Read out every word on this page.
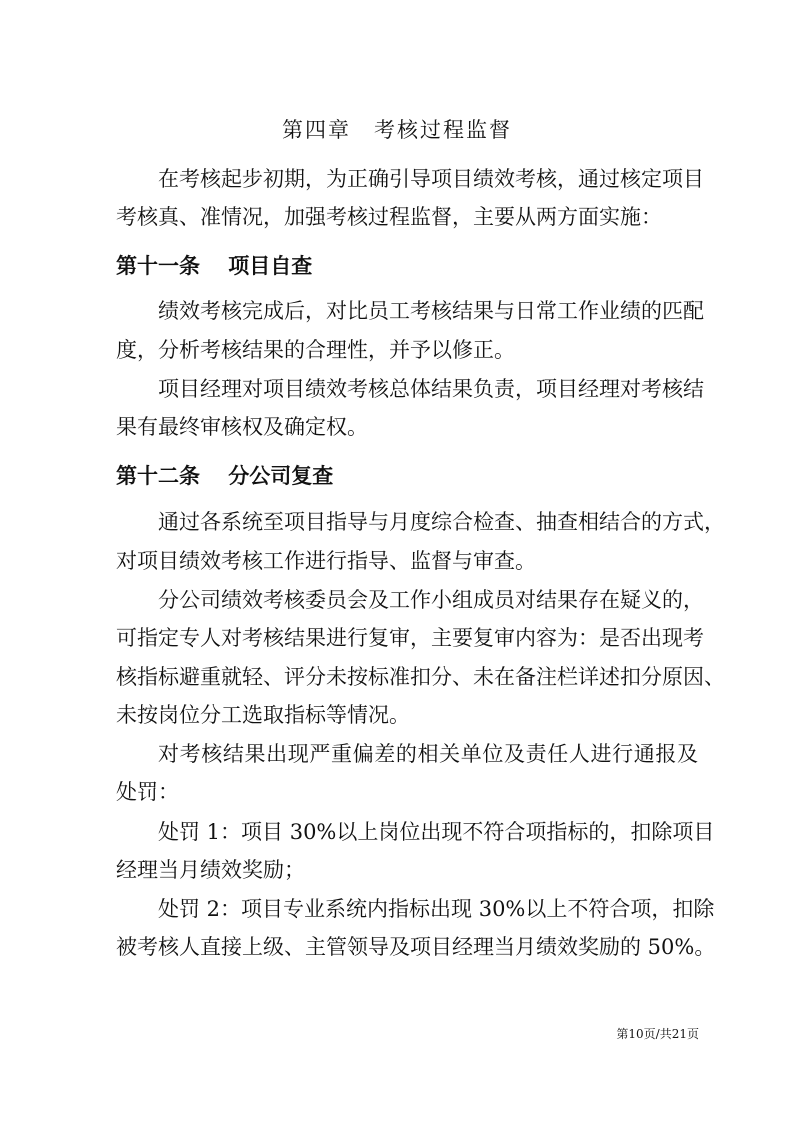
第四章　考核过程监督
在考核起步初期，为正确引导项目绩效考核，通过核定项目
考核真、准情况，加强考核过程监督，主要从两方面实施：
第十一条　 项目自查
绩效考核完成后，对比员工考核结果与日常工作业绩的匹配
度，分析考核结果的合理性，并予以修正。
项目经理对项目绩效考核总体结果负责，项目经理对考核结
果有最终审核权及确定权。
第十二条　 分公司复查
通过各系统至项目指导与月度综合检查、抽查相结合的方式，
对项目绩效考核工作进行指导、监督与审查。
分公司绩效考核委员会及工作小组成员对结果存在疑义的，
可指定专人对考核结果进行复审，主要复审内容为：是否出现考
核指标避重就轻、评分未按标准扣分、未在备注栏详述扣分原因、
未按岗位分工选取指标等情况。
对考核结果出现严重偏差的相关单位及责任人进行通报及
处罚：
处罚 1：项目 30%以上岗位出现不符合项指标的，扣除项目
经理当月绩效奖励；
处罚 2：项目专业系统内指标出现 30%以上不符合项，扣除
被考核人直接上级、主管领导及项目经理当月绩效奖励的 50%。
第10页/共21页
